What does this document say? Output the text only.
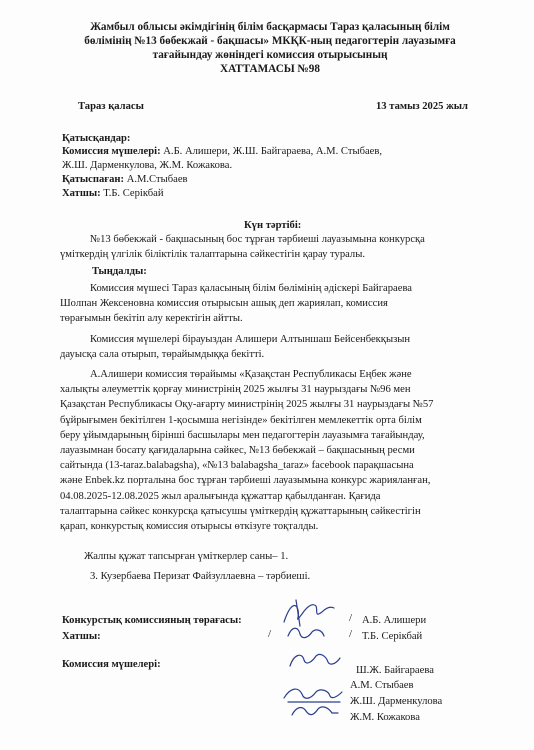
Жамбыл облысы әкімдігінің білім басқармасы Тараз қаласының білім
бөлімінің №13 бөбекжай - бақшасы» МКҚК-ның педагогтерін лауазымға
тағайындау жөніндегі комиссия отырысының
ХАТТАМАСЫ №98
Тараз қаласы	13 тамыз 2025 жыл
Қатысқандар:
Комиссия мүшелері: А.Б. Алишери, Ж.Ш. Байгараева, А.М. Стыбаев,
Ж.Ш. Дарменкулова, Ж.М. Кожакова.
Қатыспаған: А.М.Стыбаев
Хатшы: Т.Б. Серікбай
Күн тәртібі:
№13 бөбекжай - бақшасының бос тұрған тәрбиеші лауазымына конкурсқа
үміткердің үлгілік біліктілік талаптарына сәйкестігін қарау туралы.
Тыңдалды:
Комиссия мүшесі Тараз қаласының білім бөлімінің әдіскері Байгараева
Шолпан Жексеновна комиссия отырысын ашық деп жариялап, комиссия
төрағымын бекітіп алу керектігін айтты.
Комиссия мүшелері бірауыздан Алишери Алтыншаш Бейсенбекқызын
дауысқа сала отырып, төрайымдыққа бекітті.
А.Алишери комиссия төрайымы «Қазақстан Республикасы Еңбек және
халықты әлеуметтік қорғау министрінің 2025 жылғы 31 наурыздағы №96 мен
Қазақстан Республикасы Оқу-ағарту министрінің 2025 жылғы 31 наурыздағы №57
бұйрығымен бекітілген 1-қосымша негізінде» бекітілген мемлекеттік орта білім
беру ұйымдарының бірінші басшылары мен педагогтерін лауазымға тағайындау,
лауазымнан босату қағидаларына сәйкес, №13 бөбекжай – бақшасының ресми
сайтында (13-taraz.balabagsha), «№13 balabagsha_taraz» facebook парақшасына
және Enbek.kz порталына бос тұрған тәрбиеші лауазымына конкурс жарияланған,
04.08.2025-12.08.2025 жыл аралығында құжаттар қабылданған. Қағида
талаптарына сәйкес конкурсқа қатысушы үміткердің құжаттарының сәйкестігін
қарап, конкурстық комиссия отырысы өткізуге тоқталды.
Жалпы құжат тапсырған үміткерлер саны– 1.
3. Кузербаева Перизат Файзуллаевна – тәрбиеші.
Конкурстық комиссияның төрағасы:	/ А.Б. Алишери
Хатшы:	/	/ Т.Б. Серікбай
Комиссия мүшелері:
Ш.Ж. Байгараева
А.М. Стыбаев
Ж.Ш. Дарменкулова
Ж.М. Кожакова
